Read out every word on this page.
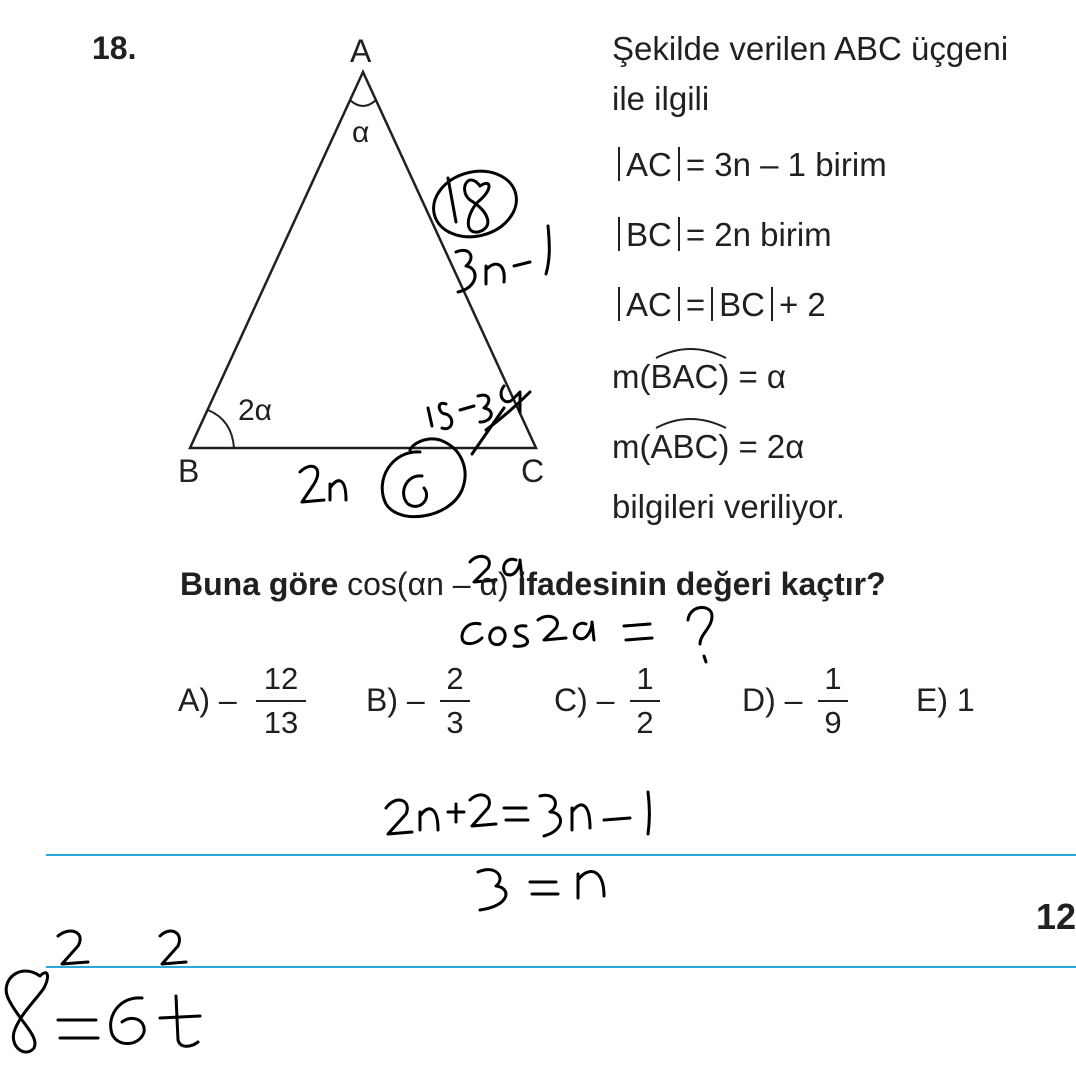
18.	A
B	C
α
2α
Şekilde verilen ABC üçgeni
ile ilgili
AC = 3n – 1 birim
BC = 2n birim
AC = BC + 2
m(BAC) = α
m(ABC) = 2α
bilgileri veriliyor.
Buna göre cos(αn – α) ifadesinin değeri kaçtır?
A) –
12
13
B) –
2
3
C) –
1
2
D) –
1
9
E) 1
12
